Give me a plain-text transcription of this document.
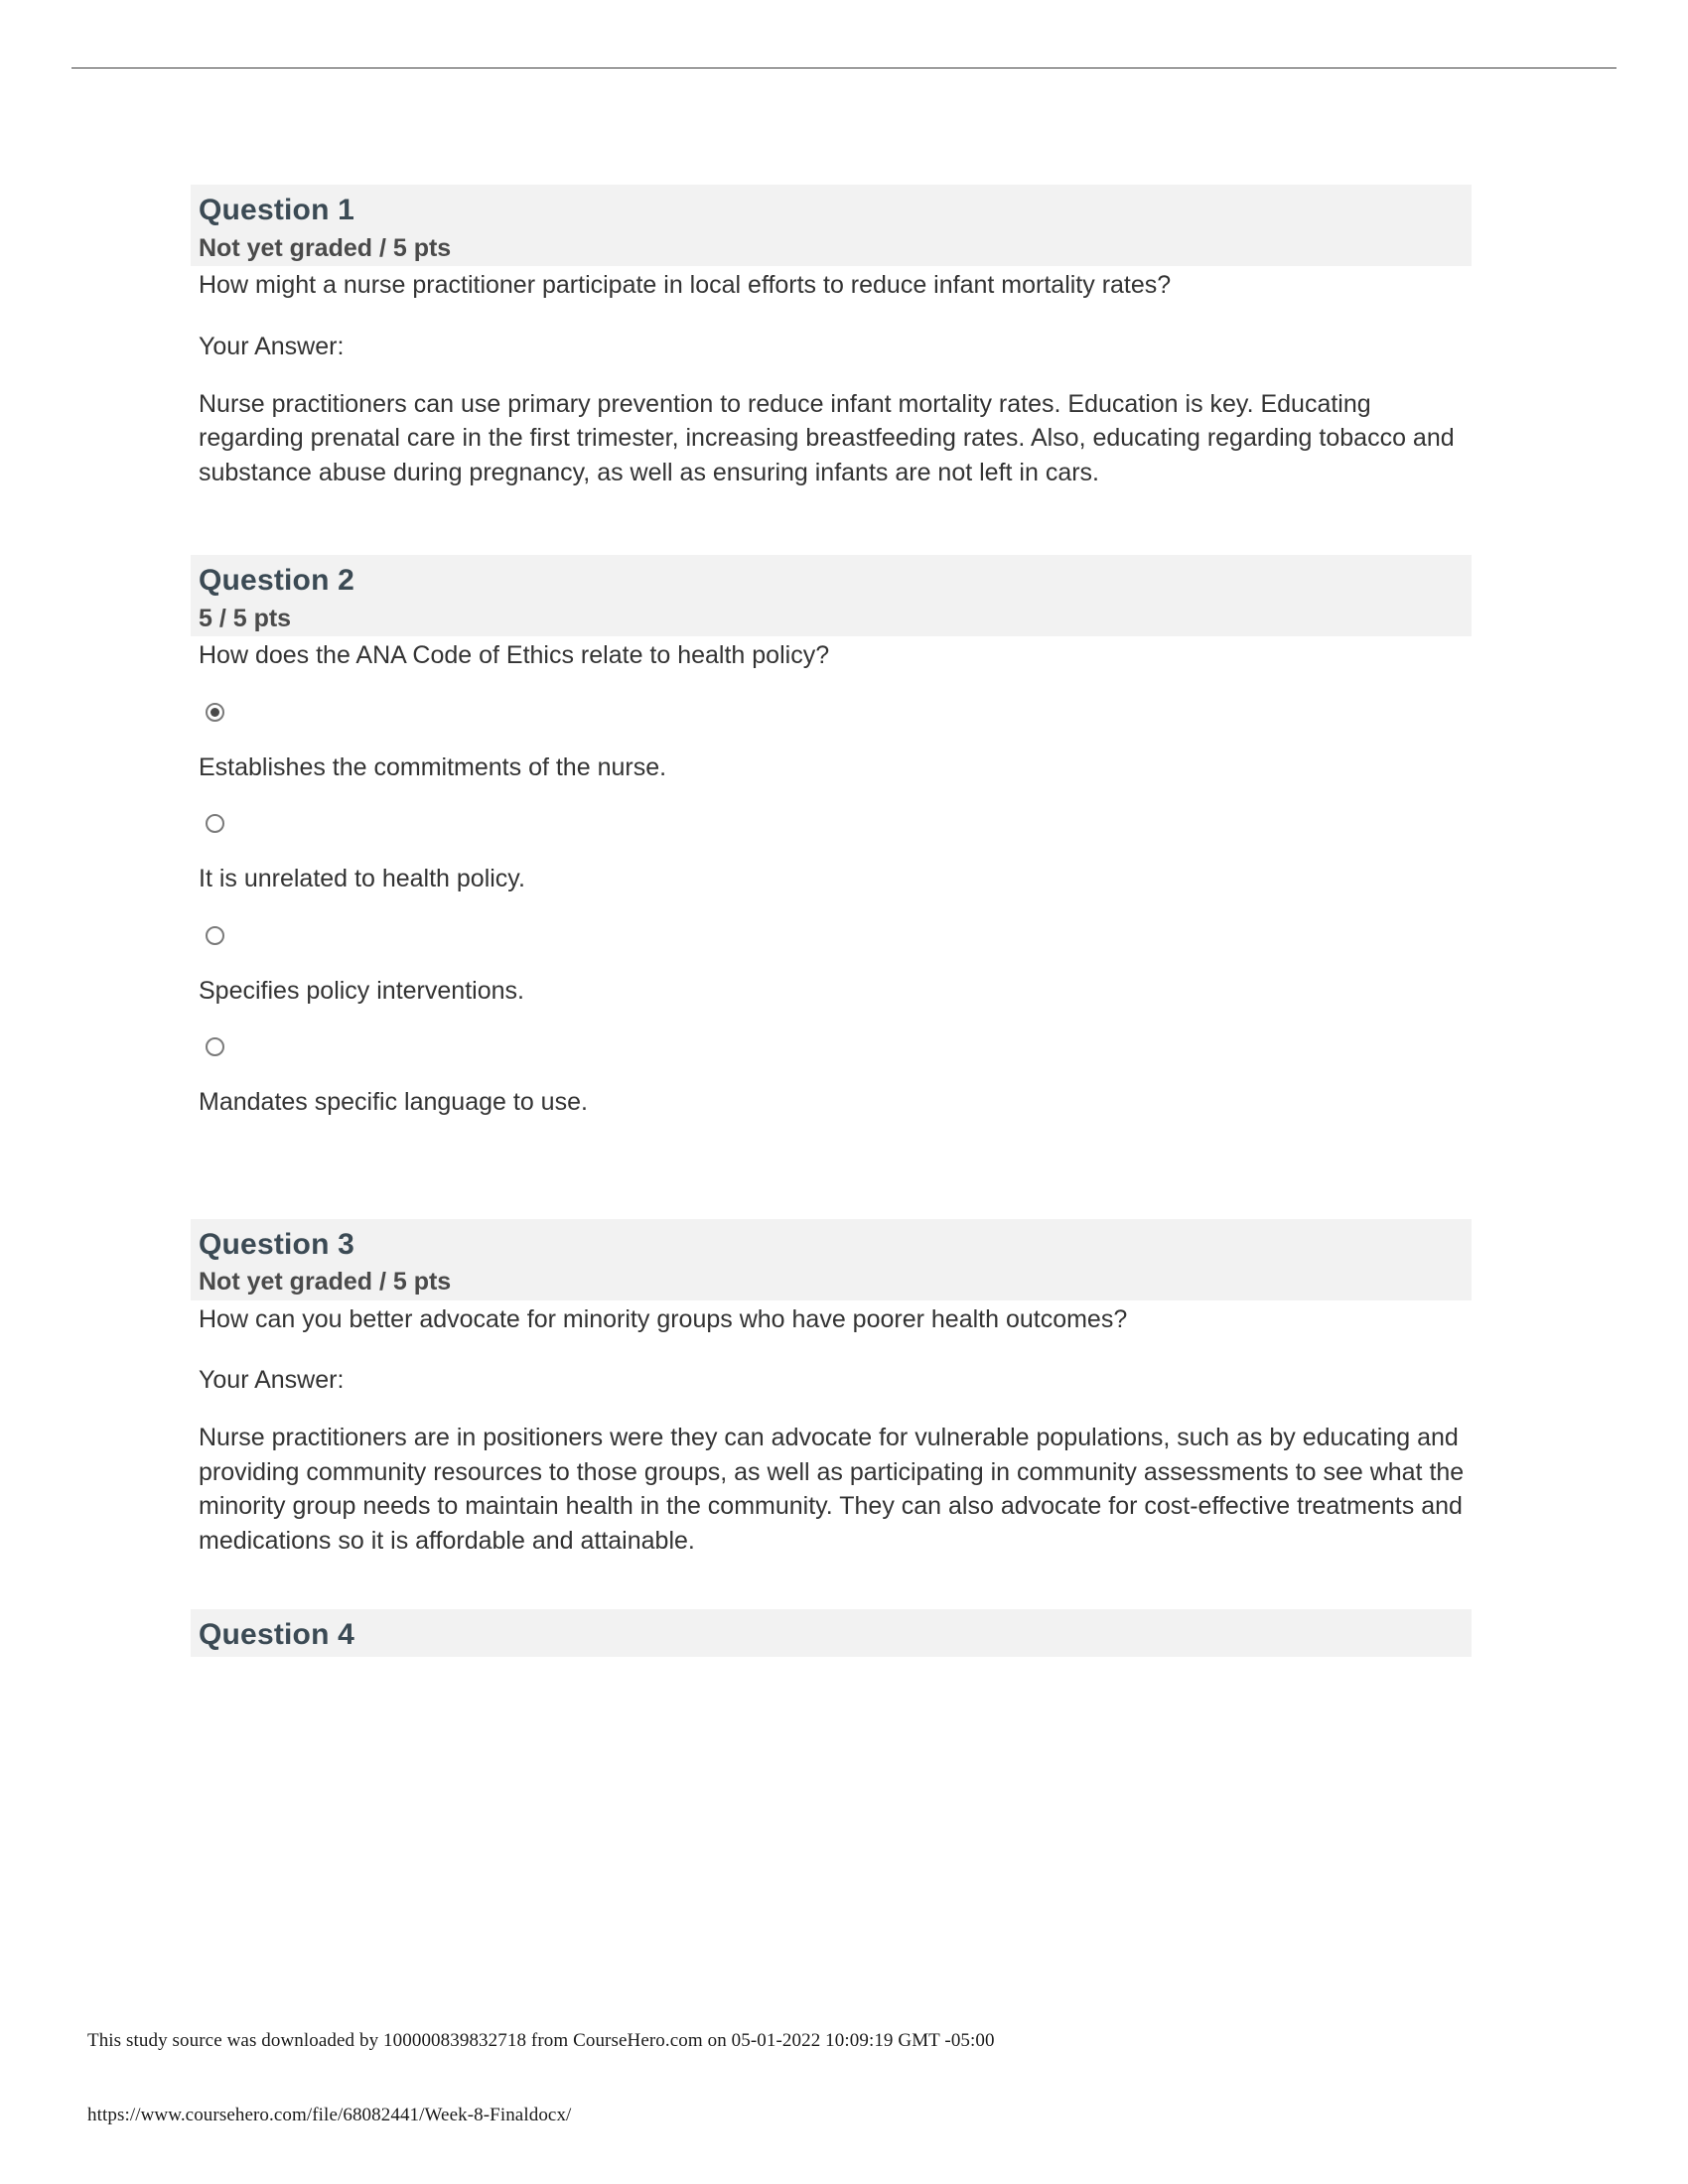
Question 1
Not yet graded / 5 pts
How might a nurse practitioner participate in local efforts to reduce infant mortality rates?
Your Answer:
Nurse practitioners can use primary prevention to reduce infant mortality rates. Education is key. Educating regarding prenatal care in the first trimester, increasing breastfeeding rates. Also, educating regarding tobacco and substance abuse during pregnancy, as well as ensuring infants are not left in cars.
Question 2
5 / 5 pts
How does the ANA Code of Ethics relate to health policy?
Establishes the commitments of the nurse.
It is unrelated to health policy.
Specifies policy interventions.
Mandates specific language to use.
Question 3
Not yet graded / 5 pts
How can you better advocate for minority groups who have poorer health outcomes?
Your Answer:
Nurse practitioners are in positioners were they can advocate for vulnerable populations, such as by educating and providing community resources to those groups, as well as participating in community assessments to see what the minority group needs to maintain health in the community. They can also advocate for cost-effective treatments and medications so it is affordable and attainable.
Question 4
This study source was downloaded by 100000839832718 from CourseHero.com on 05-01-2022 10:09:19 GMT -05:00
https://www.coursehero.com/file/68082441/Week-8-Finaldocx/
